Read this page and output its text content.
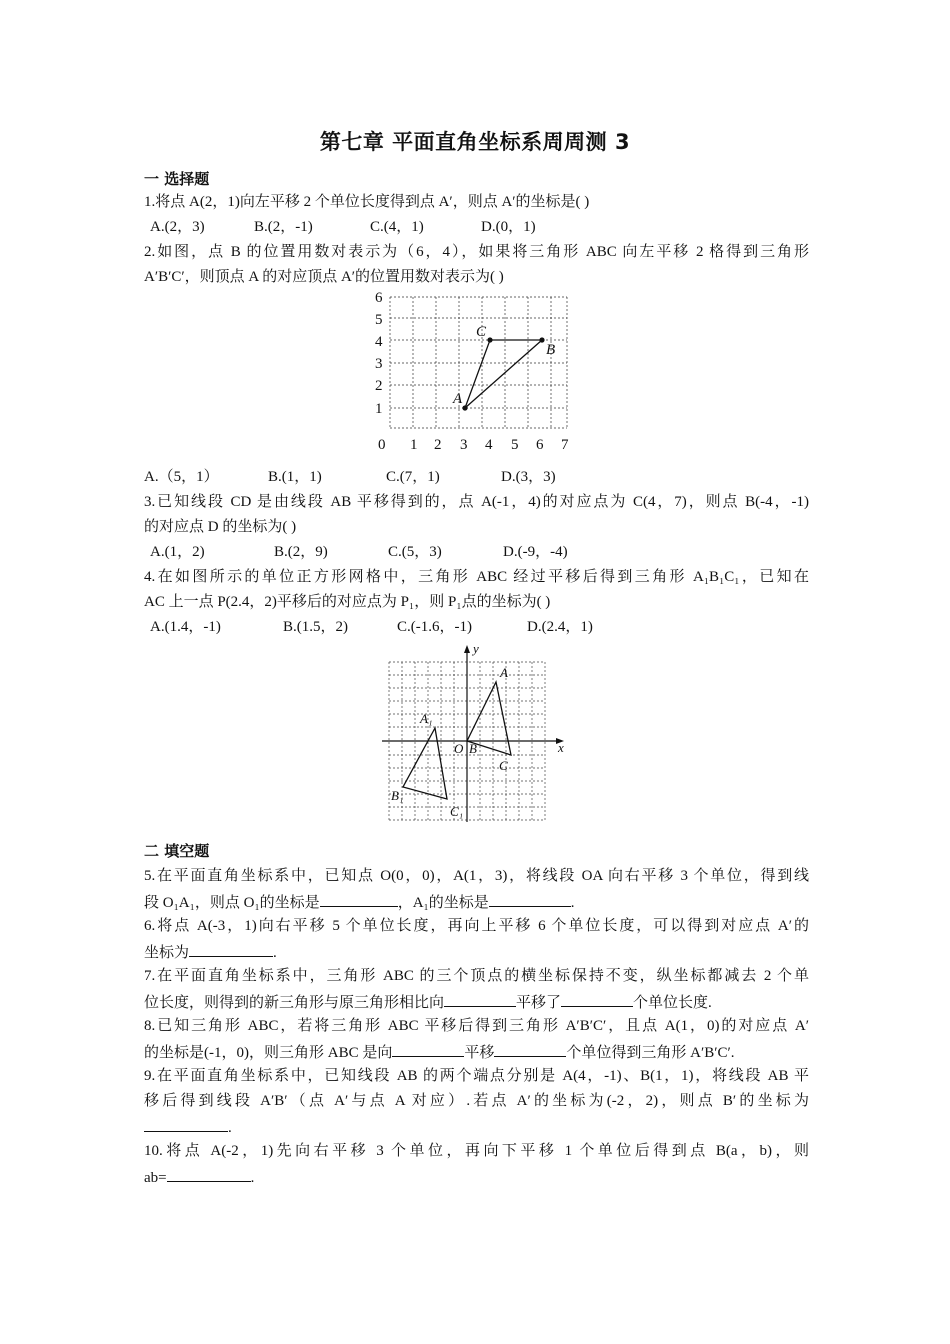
第七章 平面直角坐标系周周测 3
一 选择题
1.将点 A(2，1)向左平移 2 个单位长度得到点 A′，则点 A′的坐标是( )
A.(2，3)	B.(2，-1)	C.(4，1)	D.(0，1)
2.如图，点 B 的位置用数对表示为（6，4），如果将三角形 ABC 向左平移 2 格得到三角形
A′B′C′，则顶点 A 的对应顶点 A′的位置用数对表示为( )
6
5
4
3
2
1
0 1 2 3 4 5 6 7
A
C
B
A.（5，1）	B.(1，1)	C.(7，1)	D.(3，3)
3.已知线段 CD 是由线段 AB 平移得到的，点 A(-1，4)的对应点为 C(4，7)，则点 B(-4，-1)
的对应点 D 的坐标为( )
A.(1，2)	B.(2，9)	C.(5，3)	D.(-9，-4)
4.在如图所示的单位正方形网格中，三角形 ABC 经过平移后得到三角形 A₁B₁C₁，已知在
AC 上一点 P(2.4，2)平移后的对应点为 P₁，则 P₁点的坐标为( )
A.(1.4，-1)	B.(1.5，2)	C.(-1.6，-1)	D.(2.4，1)
y
x
O B
A
C
A₁
B₁
C₁
二 填空题
5.在平面直角坐标系中，已知点 O(0，0)，A(1，3)，将线段 OA 向右平移 3 个单位，得到线
段 O₁A₁，则点 O₁的坐标是	，A₁的坐标是	.
6.将点 A(-3，1)向右平移 5 个单位长度，再向上平移 6 个单位长度，可以得到对应点 A′的
坐标为	.
7.在平面直角坐标系中，三角形 ABC 的三个顶点的横坐标保持不变，纵坐标都减去 2 个单
位长度，则得到的新三角形与原三角形相比向	平移了	个单位长度.
8.已知三角形 ABC，若将三角形 ABC 平移后得到三角形 A′B′C′，且点 A(1，0)的对应点 A′
的坐标是(-1，0)，则三角形 ABC 是向	平移	个单位得到三角形 A′B′C′.
9.在平面直角坐标系中，已知线段 AB 的两个端点分别是 A(4，-1)、B(1，1)，将线段 AB 平
移后得到线段 A′B′（点 A′与点 A 对应）.若点 A′的坐标为(-2，2)，则点 B′的坐标为
.
10.将点 A(-2，1)先向右平移 3 个单位，再向下平移 1 个单位后得到点 B(a，b)，则
ab=	.
